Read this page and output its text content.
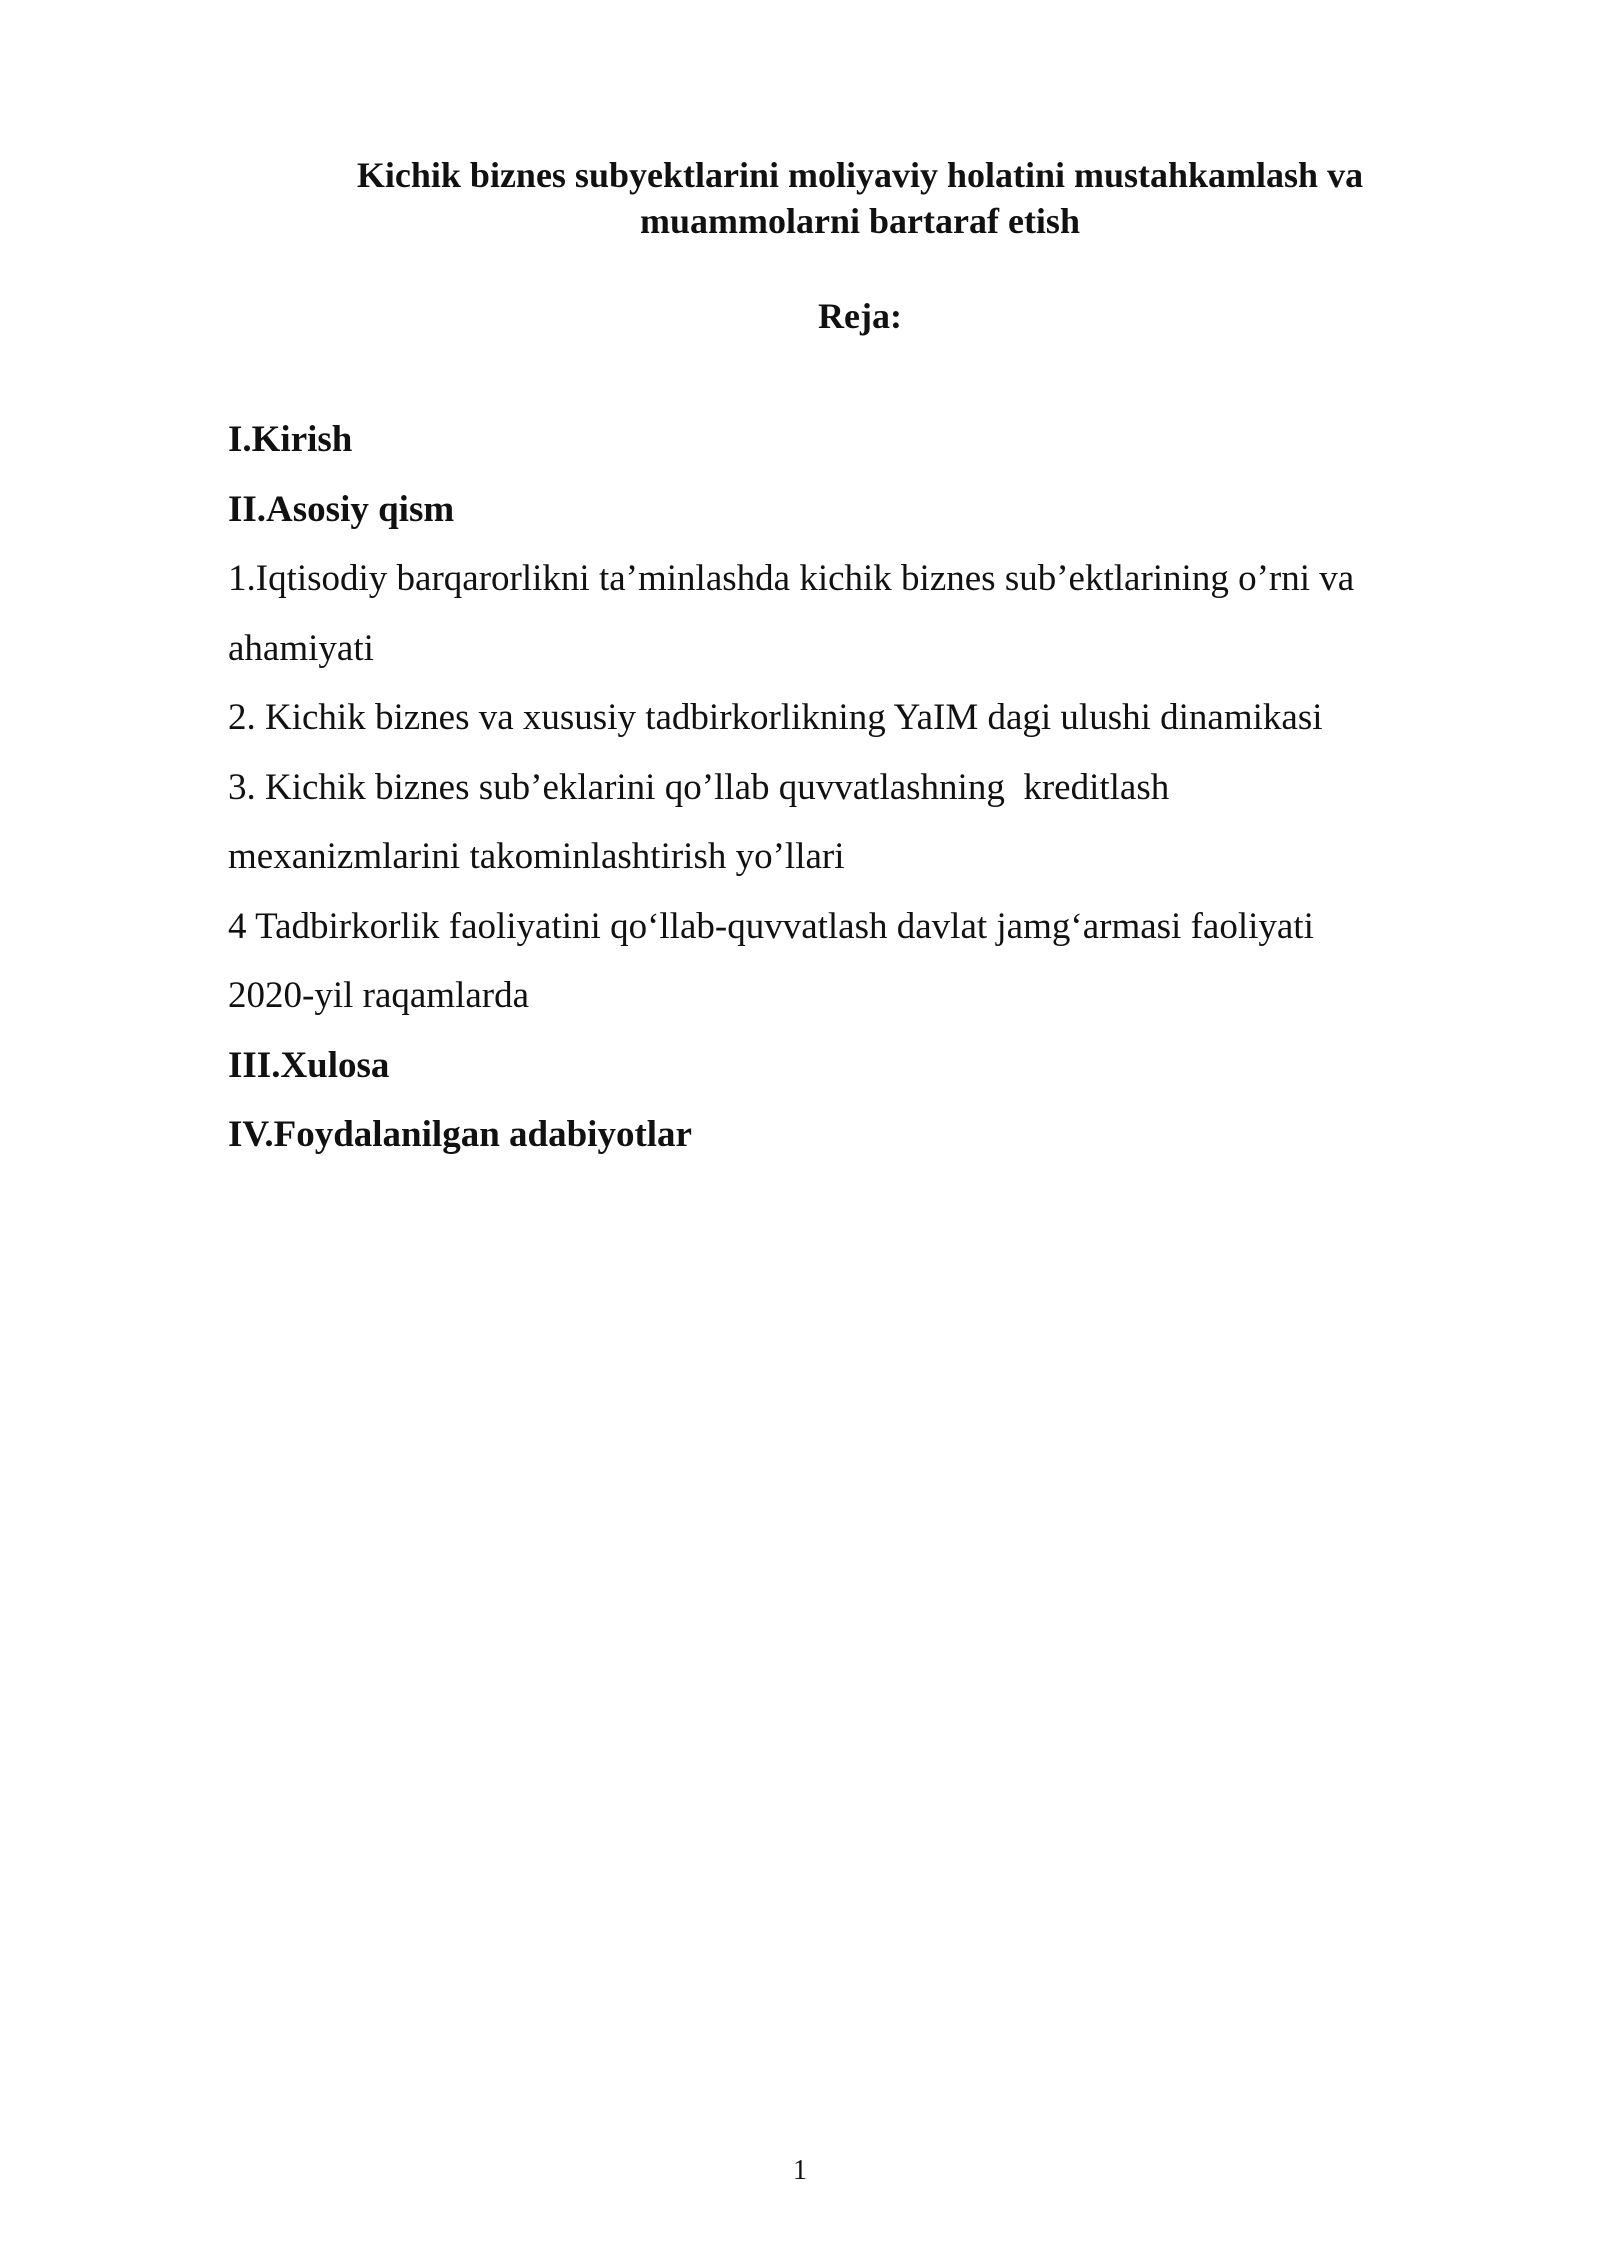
Kichik biznes subyektlarini moliyaviy holatini mustahkamlash va
muammolarni bartaraf etish
Reja:
I.Kirish
II.Asosiy qism
1.Iqtisodiy barqarorlikni ta’minlashda kichik biznes sub’ektlarining o’rni va
ahamiyati
2. Kichik biznes va xususiy tadbirkorlikning YaIM dagi ulushi dinamikasi
3. Kichik biznes sub’eklarini qo’llab quvvatlashning  kreditlash
mexanizmlarini takominlashtirish yo’llari
4 Tadbirkorlik faoliyatini qo‘llab-quvvatlash davlat jamg‘armasi faoliyati
2020-yil raqamlarda
III.Xulosa
IV.Foydalanilgan adabiyotlar
1
